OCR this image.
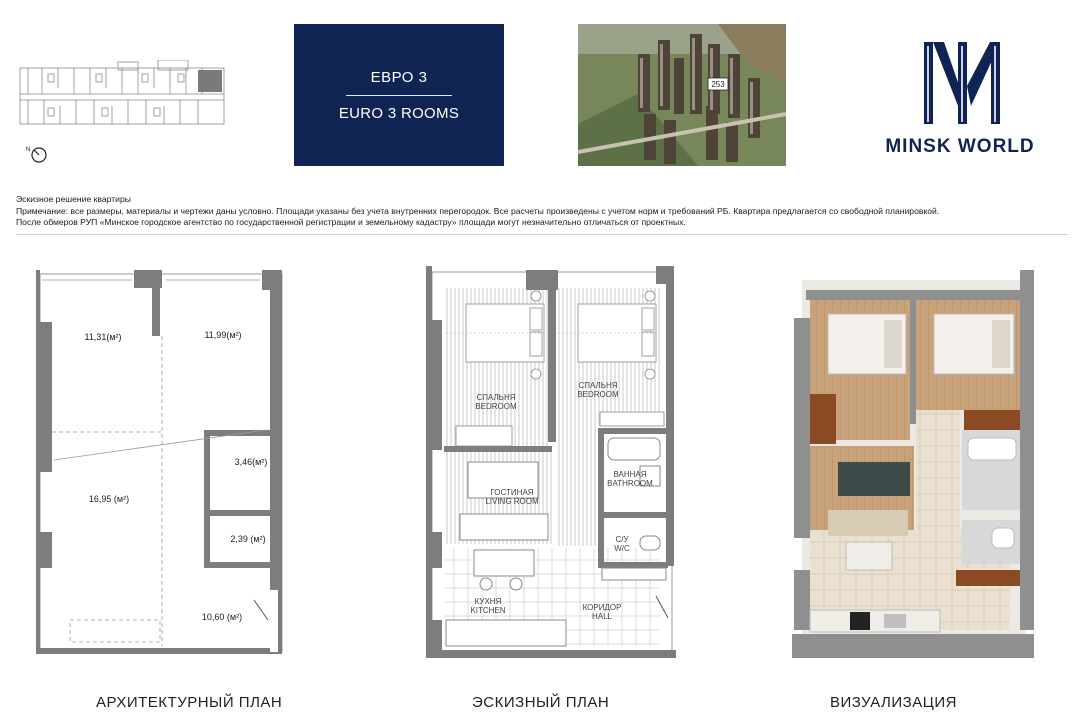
N
ЕВРО 3
EURO 3 ROOMS
253
MINSK WORLD
Эскизное решение квартиры
Примечание: все размеры, материалы и чертежи даны условно. Площади указаны без учета внутренних перегородок. Все расчеты произведены с учетом норм и требований РБ. Квартира предлагается со свободной планировкой.
После обмеров РУП «Минское городское агентство по государственной регистрации и земельному кадастру» площади могут незначительно отличаться от проектных.
11,31(м²)	11,99(м²)
3,46(м²)
16,95 (м²)
2,39 (м²)
10,60 (м²)
АРХИТЕКТУРНЫЙ ПЛАН
СПАЛЬНЯ
BEDROOM
СПАЛЬНЯ
BEDROOM
ВАННАЯ
BATHROOM
ГОСТИНАЯ
LIVING ROOM
С/У
W/C
КУХНЯ
KITCHEN	КОРИДОР
HALL
ЭСКИЗНЫЙ ПЛАН	ВИЗУАЛИЗАЦИЯ
